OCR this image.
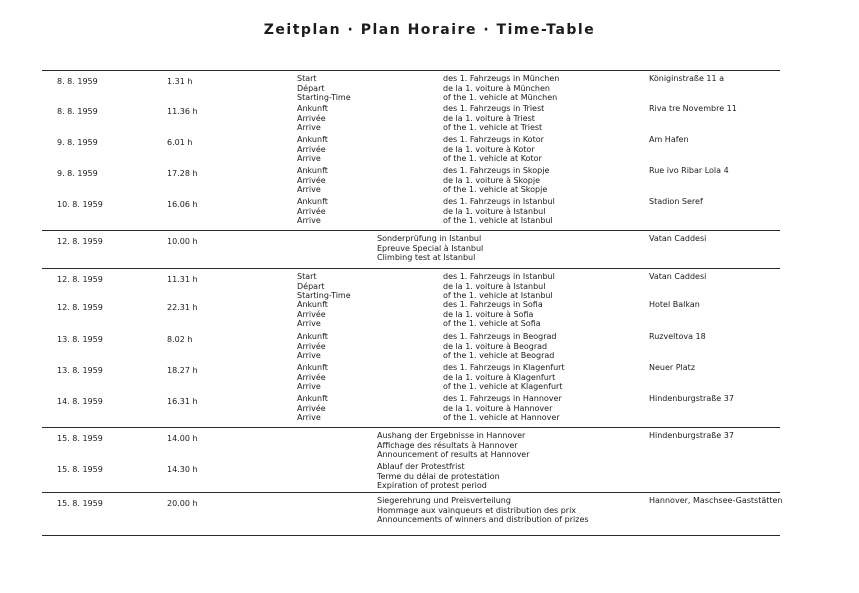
Zeitplan · Plan Horaire · Time-Table
8. 8. 1959	1.31 h	Start
Départ
Starting-Time
des 1. Fahrzeugs in München
de la 1. voiture à München
of the 1. vehicle at München
Königinstraße 11 a
8. 8. 1959	11.36 h	Ankunft
Arrivée
Arrive
des 1. Fahrzeugs in Triest
de la 1. voiture à Triest
of the 1. vehicle at Triest
Riva tre Novembre 11
9. 8. 1959	6.01 h	Ankunft
Arrivée
Arrive
des 1. Fahrzeugs in Kotor
de la 1. voiture à Kotor
of the 1. vehicle at Kotor
Am Hafen
9. 8. 1959	17.28 h	Ankunft
Arrivée
Arrive
des 1. Fahrzeugs in Skopje
de la 1. voiture à Skopje
of the 1. vehicle at Skopje
Rue ivo Ribar Lola 4
10. 8. 1959	16.06 h	Ankunft
Arrivée
Arrive
des 1. Fahrzeugs in Istanbul
de la 1. voiture à Istanbul
of the 1. vehicle at Istanbul
Stadion Seref
12. 8. 1959	10.00 h	Sonderprüfung in Istanbul
Epreuve Special à Istanbul
Climbing test at Istanbul
Vatan Caddesi
12. 8. 1959	11.31 h	Start
Départ
Starting-Time
des 1. Fahrzeugs in Istanbul
de la 1. voiture à Istanbul
of the 1. vehicle at Istanbul
Vatan Caddesi
12. 8. 1959	22.31 h	Ankunft
Arrivée
Arrive
des 1. Fahrzeugs in Sofia
de la 1. voiture à Sofia
of the 1. vehicle at Sofia
Hotel Balkan
13. 8. 1959	8.02 h	Ankunft
Arrivée
Arrive
des 1. Fahrzeugs in Beograd
de la 1. voiture à Beograd
of the 1. vehicle at Beograd
Ruzveltova 18
13. 8. 1959	18.27 h	Ankunft
Arrivée
Arrive
des 1. Fahrzeugs in Klagenfurt
de la 1. voiture à Klagenfurt
of the 1. vehicle at Klagenfurt
Neuer Platz
14. 8. 1959	16.31 h	Ankunft
Arrivée
Arrive
des 1. Fahrzeugs in Hannover
de la 1. voiture à Hannover
of the 1. vehicle at Hannover
Hindenburgstraße 37
15. 8. 1959	14.00 h	Aushang der Ergebnisse in Hannover
Affichage des résultats à Hannover
Announcement of results at Hannover
Hindenburgstraße 37
15. 8. 1959	14.30 h	Ablauf der Protestfrist
Terme du délai de protestation
Expiration of protest period
15. 8. 1959	20.00 h	Siegerehrung und Preisverteilung
Hommage aux vainqueurs et distribution des prix
Announcements of winners and distribution of prizes
Hannover, Maschsee-Gaststätten
